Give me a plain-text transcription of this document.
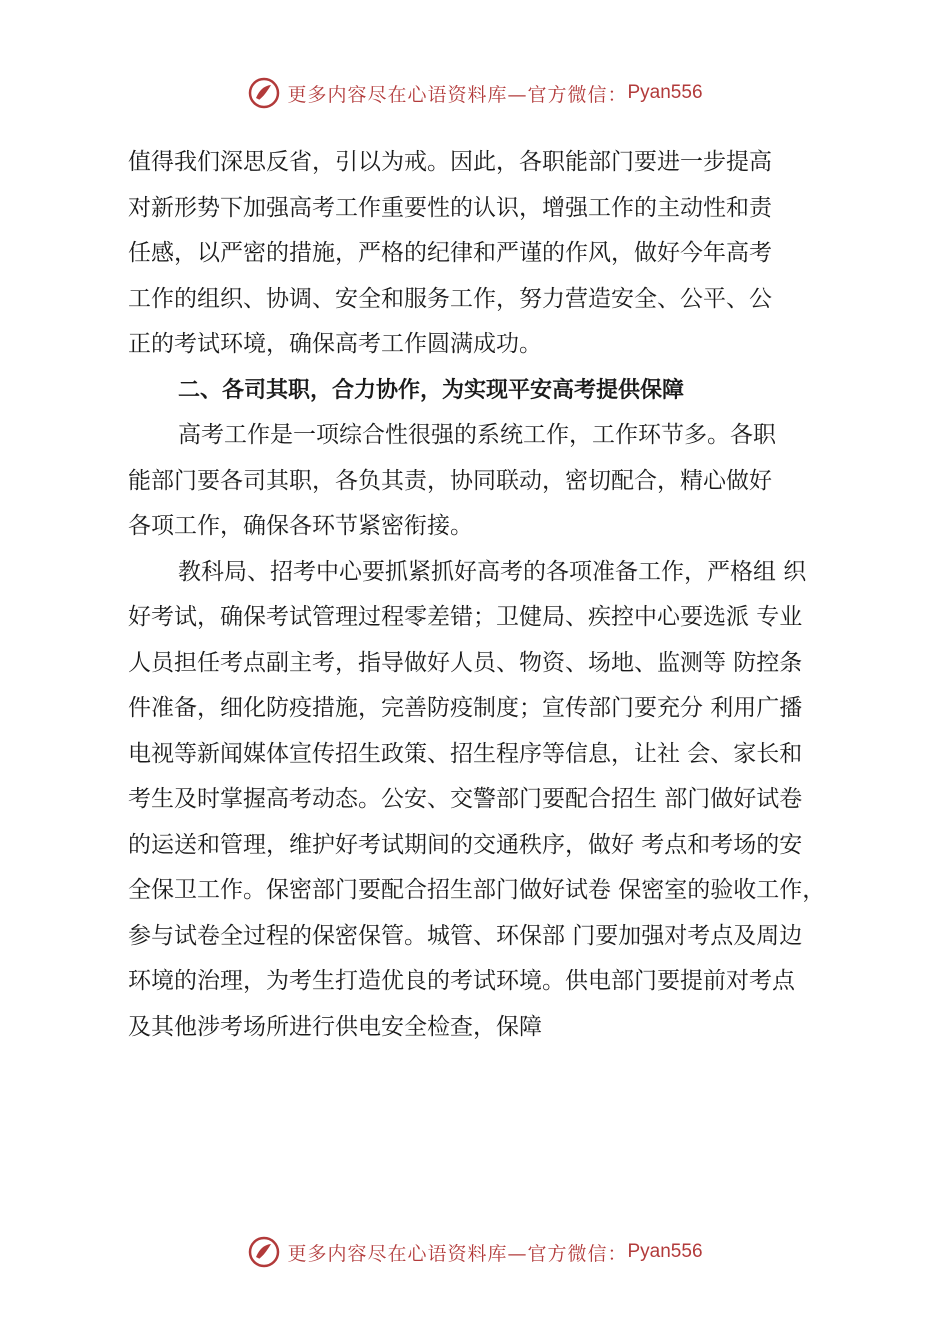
更多内容尽在心语资料库—官方微信： Pyan556
值得我们深思反省，引以为戒。因此，各职能部门要进一步提高
对新形势下加强高考工作重要性的认识，增强工作的主动性和责
任感，以严密的措施，严格的纪律和严谨的作风，做好今年高考
工作的组织、协调、安全和服务工作，努力营造安全、公平、公
正的考试环境，确保高考工作圆满成功。
二、各司其职，合力协作，为实现平安高考提供保障
高考工作是一项综合性很强的系统工作，工作环节多。各职
能部门要各司其职，各负其责，协同联动，密切配合，精心做好
各项工作，确保各环节紧密衔接。
教科局、招考中心要抓紧抓好高考的各项准备工作，严格组 织
好考试，确保考试管理过程零差错；卫健局、疾控中心要选派 专业
人员担任考点副主考，指导做好人员、物资、场地、监测等 防控条
件准备，细化防疫措施，完善防疫制度；宣传部门要充分 利用广播
电视等新闻媒体宣传招生政策、招生程序等信息，让社 会、家长和
考生及时掌握高考动态。公安、交警部门要配合招生 部门做好试卷
的运送和管理，维护好考试期间的交通秩序，做好 考点和考场的安
全保卫工作。保密部门要配合招生部门做好试卷 保密室的验收工作，
参与试卷全过程的保密保管。城管、环保部 门要加强对考点及周边
环境的治理，为考生打造优良的考试环境。供电部门要提前对考点
及其他涉考场所进行供电安全检查，保障
更多内容尽在心语资料库—官方微信： Pyan556
